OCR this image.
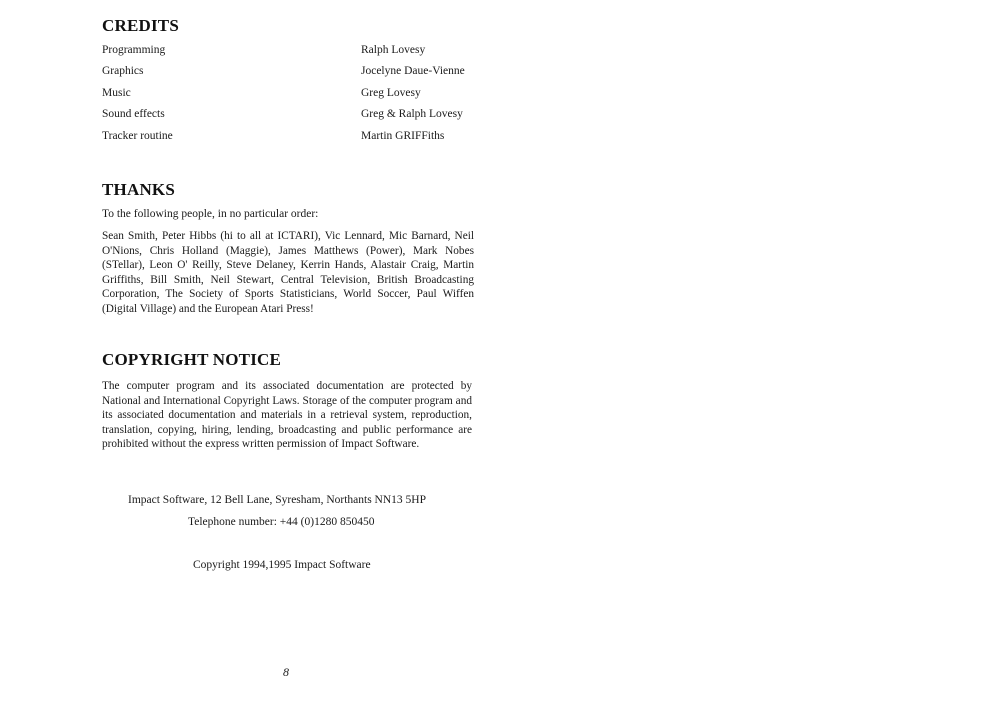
CREDITS
Programming	Ralph Lovesy
Graphics	Jocelyne Daue-Vienne
Music	Greg Lovesy
Sound effects	Greg & Ralph Lovesy
Tracker routine	Martin GRIFFiths
THANKS
To the following people, in no particular order:
Sean Smith, Peter Hibbs (hi to all at ICTARI), Vic Lennard, Mic Barnard, Neil O'Nions, Chris Holland (Maggie), James Matthews (Power), Mark Nobes (STellar), Leon O' Reilly, Steve Delaney, Kerrin Hands, Alastair Craig, Martin Griffiths, Bill Smith, Neil Stewart, Central Television, British Broadcasting Corporation, The Society of Sports Statisticians, World Soccer, Paul Wiffen (Digital Village) and the European Atari Press!
COPYRIGHT NOTICE
The computer program and its associated documentation are protected by National and International Copyright Laws. Storage of the computer program and its associated documentation and materials in a retrieval system, reproduction, translation, copying, hiring, lending, broadcasting and public performance are prohibited without the express written permission of Impact Software.
Impact Software, 12 Bell Lane, Syresham, Northants NN13 5HP
Telephone number: +44 (0)1280 850450
Copyright 1994,1995 Impact Software
8
